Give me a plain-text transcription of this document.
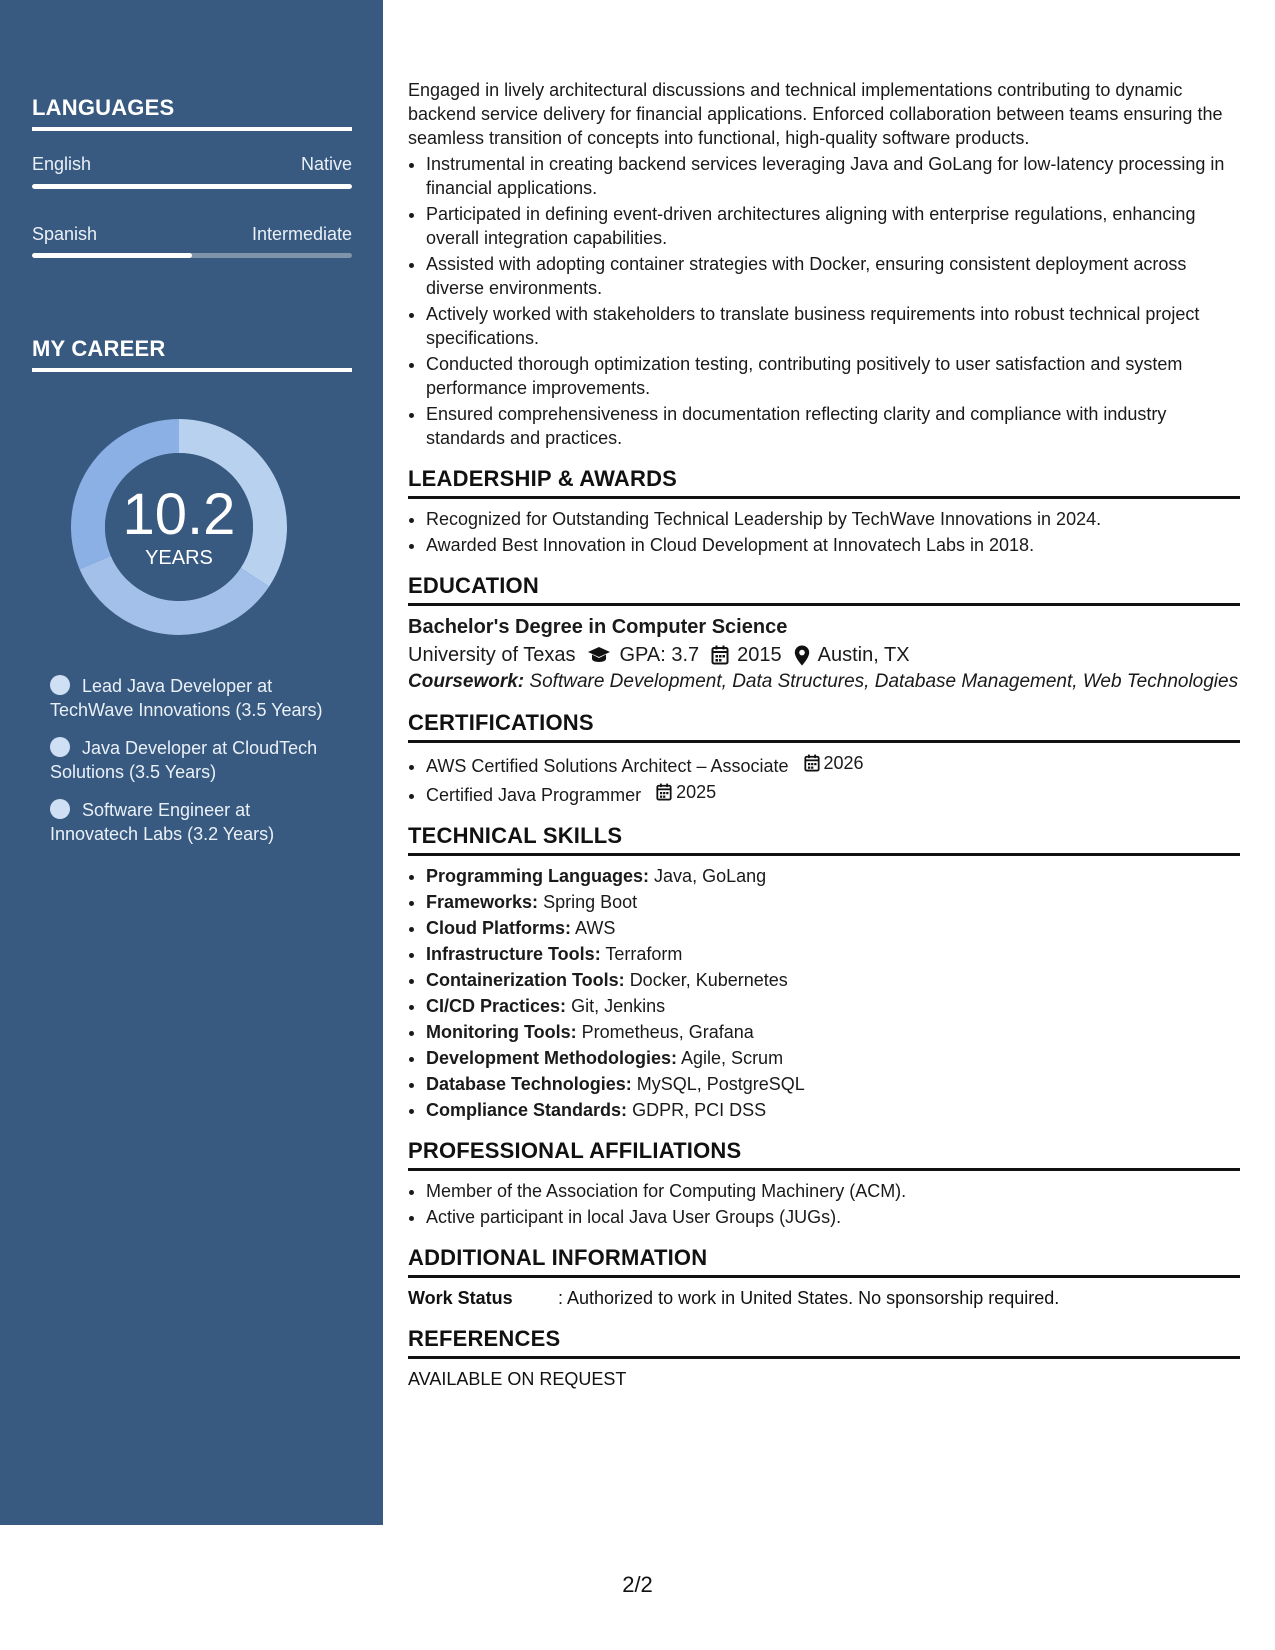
LANGUAGES
English	Native
Spanish	Intermediate
MY CAREER
10.2
YEARS
Lead Java Developer at TechWave Innovations (3.5 Years)
Java Developer at CloudTech Solutions (3.5 Years)
Software Engineer at Innovatech Labs (3.2 Years)

Engaged in lively architectural discussions and technical implementations contributing to dynamic backend service delivery for financial applications. Enforced collaboration between teams ensuring the seamless transition of concepts into functional, high-quality software products.

• Instrumental in creating backend services leveraging Java and GoLang for low-latency processing in financial applications.
• Participated in defining event-driven architectures aligning with enterprise regulations, enhancing overall integration capabilities.
• Assisted with adopting container strategies with Docker, ensuring consistent deployment across diverse environments.
• Actively worked with stakeholders to translate business requirements into robust technical project specifications.
• Conducted thorough optimization testing, contributing positively to user satisfaction and system performance improvements.
• Ensured comprehensiveness in documentation reflecting clarity and compliance with industry standards and practices.
LEADERSHIP & AWARDS
• Recognized for Outstanding Technical Leadership by TechWave Innovations in 2024.
• Awarded Best Innovation in Cloud Development at Innovatech Labs in 2018.
EDUCATION
Bachelor's Degree in Computer Science
University of Texas GPA: 3.7 2015 Austin, TX
Coursework: Software Development, Data Structures, Database Management, Web Technologies
CERTIFICATIONS
• AWS Certified Solutions Architect – Associate 2026
• Certified Java Programmer 2025
TECHNICAL SKILLS
• Programming Languages: Java, GoLang
• Frameworks: Spring Boot
• Cloud Platforms: AWS
• Infrastructure Tools: Terraform
• Containerization Tools: Docker, Kubernetes
• CI/CD Practices: Git, Jenkins
• Monitoring Tools: Prometheus, Grafana
• Development Methodologies: Agile, Scrum
• Database Technologies: MySQL, PostgreSQL
• Compliance Standards: GDPR, PCI DSS
PROFESSIONAL AFFILIATIONS
• Member of the Association for Computing Machinery (ACM).
• Active participant in local Java User Groups (JUGs).
ADDITIONAL INFORMATION
Work Status	: Authorized to work in United States. No sponsorship required.
REFERENCES
AVAILABLE ON REQUEST
2/2
